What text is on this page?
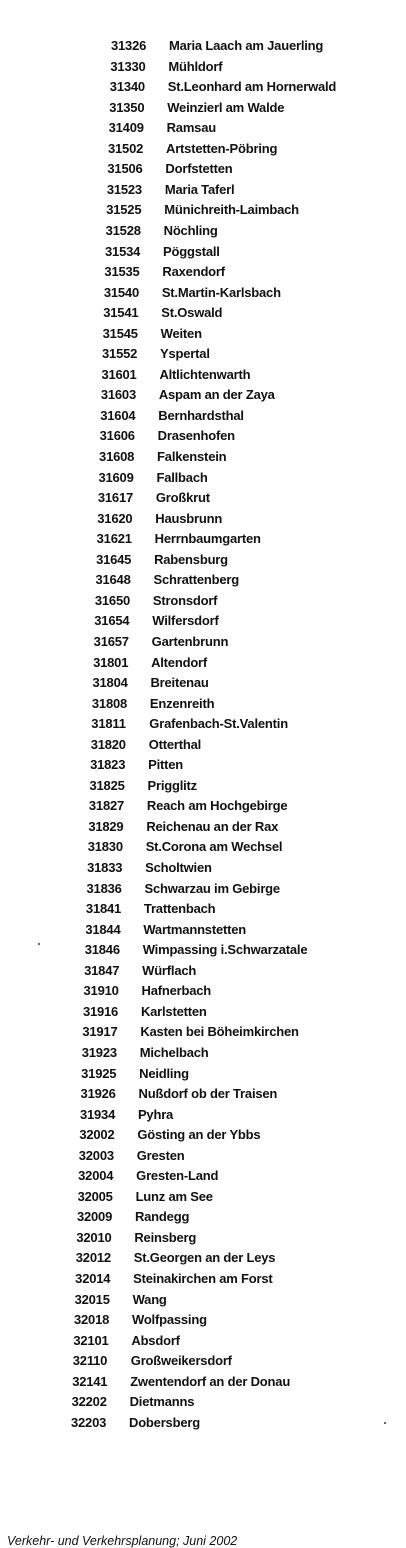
31326 Maria Laach am Jauerling
31330 Mühldorf
31340 St.Leonhard am Hornerwald
31350 Weinzierl am Walde
31409 Ramsau
31502 Artstetten-Pöbring
31506 Dorfstetten
31523 Maria Taferl
31525 Münichreith-Laimbach
31528 Nöchling
31534 Pöggstall
31535 Raxendorf
31540 St.Martin-Karlsbach
31541 St.Oswald
31545 Weiten
31552 Yspertal
31601 Altlichtenwarth
31603 Aspam an der Zaya
31604 Bernhardsthal
31606 Drasenhofen
31608 Falkenstein
31609 Fallbach
31617 Großkrut
31620 Hausbrunn
31621 Herrnbaumgarten
31645 Rabensburg
31648 Schrattenberg
31650 Stronsdorf
31654 Wilfersdorf
31657 Gartenbrunn
31801 Altendorf
31804 Breitenau
31808 Enzenreith
31811 Grafenbach-St.Valentin
31820 Otterthal
31823 Pitten
31825 Prigglitz
31827 Reach am Hochgebirge
31829 Reichenau an der Rax
31830 St.Corona am Wechsel
31833 Scholtwien
31836 Schwarzau im Gebirge
31841 Trattenbach
31844 Wartmannstetten
31846 Wimpassing i.Schwarzatale
31847 Würflach
31910 Hafnerbach
31916 Karlstetten
31917 Kasten bei Böheimkirchen
31923 Michelbach
31925 Neidling
31926 Nußdorf ob der Traisen
31934 Pyhra
32002 Gösting an der Ybbs
32003 Gresten
32004 Gresten-Land
32005 Lunz am See
32009 Randegg
32010 Reinsberg
32012 St.Georgen an der Leys
32014 Steinakirchen am Forst
32015 Wang
32018 Wolfpassing
32101 Absdorf
32110 Großweikersdorf
32141 Zwentendorf an der Donau
32202 Dietmanns
32203 Dobersberg
Verkehr- und Verkehrsplanung; Juni 2002
